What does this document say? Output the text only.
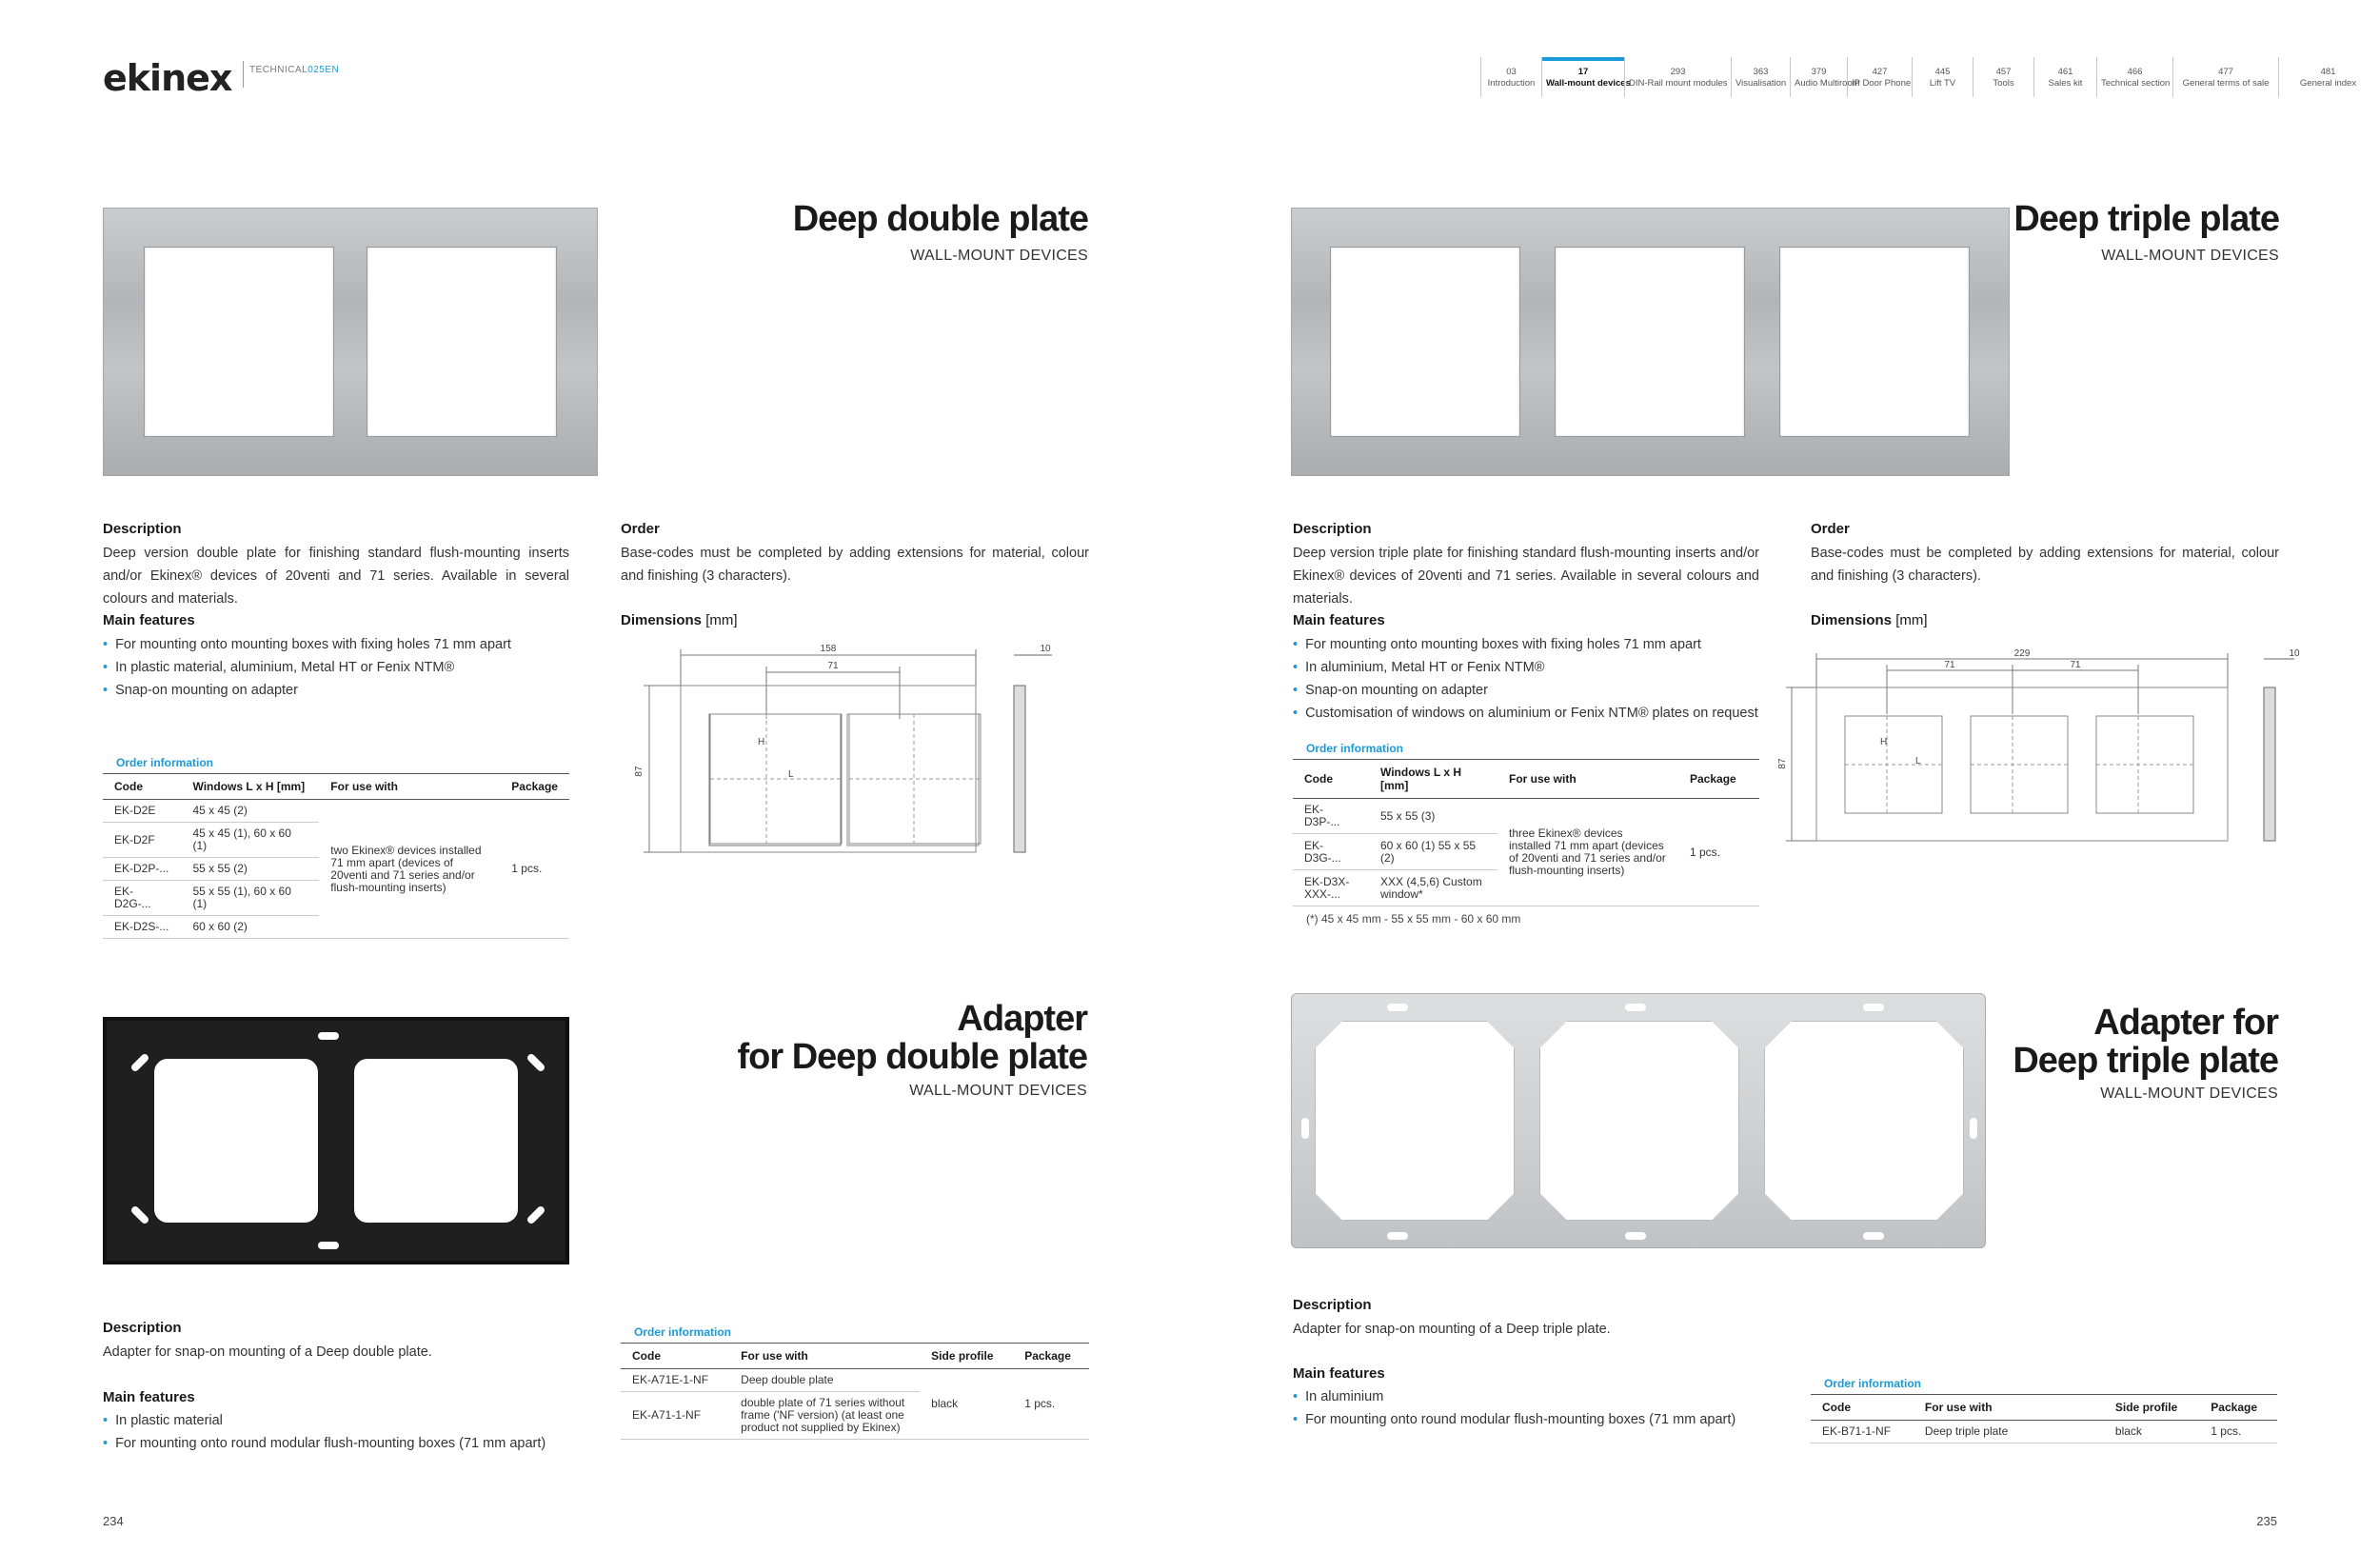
ekinex TECHNICAL025EN	03
Introduction
17
Wall-mount devices
293
DIN-Rail mount modules
363
Visualisation
379
Audio Multiroom
427
IP Door Phone
445
Lift TV
457
Tools
461
Sales kit
466
Technical section
477
General terms of sale
481
General index
Deep double plate
WALL-MOUNT DEVICES
Description
Deep version double plate for finishing standard flush-mounting inserts and/or Ekinex® devices of 20venti and 71 series. Available in several colours and materials.
Main features
• For mounting onto mounting boxes with fixing holes 71 mm apart
• In plastic material, aluminium, Metal HT or Fenix NTM®
• Snap-on mounting on adapter
Order
Base-codes must be completed by adding extensions for material, colour and finishing (3 characters).
Dimensions [mm]
158
71
87
10
H
L
Order information
Code	Windows L x H [mm]	For use with	Package
EK-D2E	45 x 45 (2)	two Ekinex® devices installed 71 mm apart (devices of 20venti and 71 series and/or flush-mounting inserts)	1 pcs.
EK-D2F	45 x 45 (1), 60 x 60 (1)		
EK-D2P-...	55 x 55 (2)		
EK-D2G-...	55 x 55 (1), 60 x 60 (1)		
EK-D2S-...	60 x 60 (2)		
Deep triple plate
WALL-MOUNT DEVICES
Description
Deep version triple plate for finishing standard flush-mounting inserts and/or Ekinex® devices of 20venti and 71 series. Available in several colours and materials.
Main features
• For mounting onto mounting boxes with fixing holes 71 mm apart
• In aluminium, Metal HT or Fenix NTM®
• Snap-on mounting on adapter
• Customisation of windows on aluminium or Fenix NTM® plates on request
Order
Base-codes must be completed by adding extensions for material, colour and finishing (3 characters).
Dimensions [mm]
229
71	71
87
10
H
L
Order information
Code	Windows L x H [mm]	For use with	Package
EK-D3P-...	55 x 55 (3)	three Ekinex® devices installed 71 mm apart (devices of 20venti and 71 series and/or flush-mounting inserts)	1 pcs.
EK-D3G-...	60 x 60 (1) 55 x 55 (2)		
EK-D3X-XXX-...	XXX (4,5,6) Custom window*		
(*) 45 x 45 mm - 55 x 55 mm - 60 x 60 mm
Adapter
for Deep double plate
WALL-MOUNT DEVICES
Description
Adapter for snap-on mounting of a Deep double plate.
Main features
• In plastic material
• For mounting onto round modular flush-mounting boxes (71 mm apart)
Order information
Code	For use with	Side profile	Package
EK-A71E-1-NF	Deep double plate	black	1 pcs.
EK-A71-1-NF	double plate of 71 series without frame ('NF version) (at least one product not supplied by Ekinex)		
Adapter for
Deep triple plate
WALL-MOUNT DEVICES
Description
Adapter for snap-on mounting of a Deep triple plate.
Main features
• In aluminium
• For mounting onto round modular flush-mounting boxes (71 mm apart)
Order information
Code	For use with	Side profile	Package
EK-B71-1-NF	Deep triple plate	black	1 pcs.
234	235
